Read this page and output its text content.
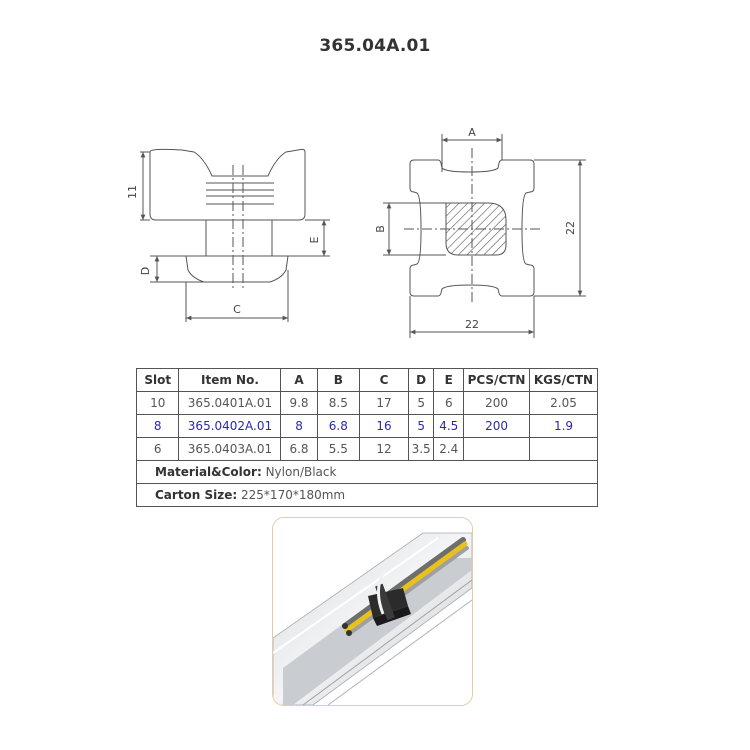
365.04A.01
11
D
E
C
A
B	22
22
Slot	Item No.	A	B	C	D	E	PCS/CTN	KGS/CTN
10	365.0401A.01	9.8	8.5	17	5	6	200	2.05
8	365.0402A.01	8	6.8	16	5	4.5	200	1.9
6	365.0403A.01	6.8	5.5	12	3.5	2.4		
Material&Color: Nylon/Black								
Carton Size: 225*170*180mm								
